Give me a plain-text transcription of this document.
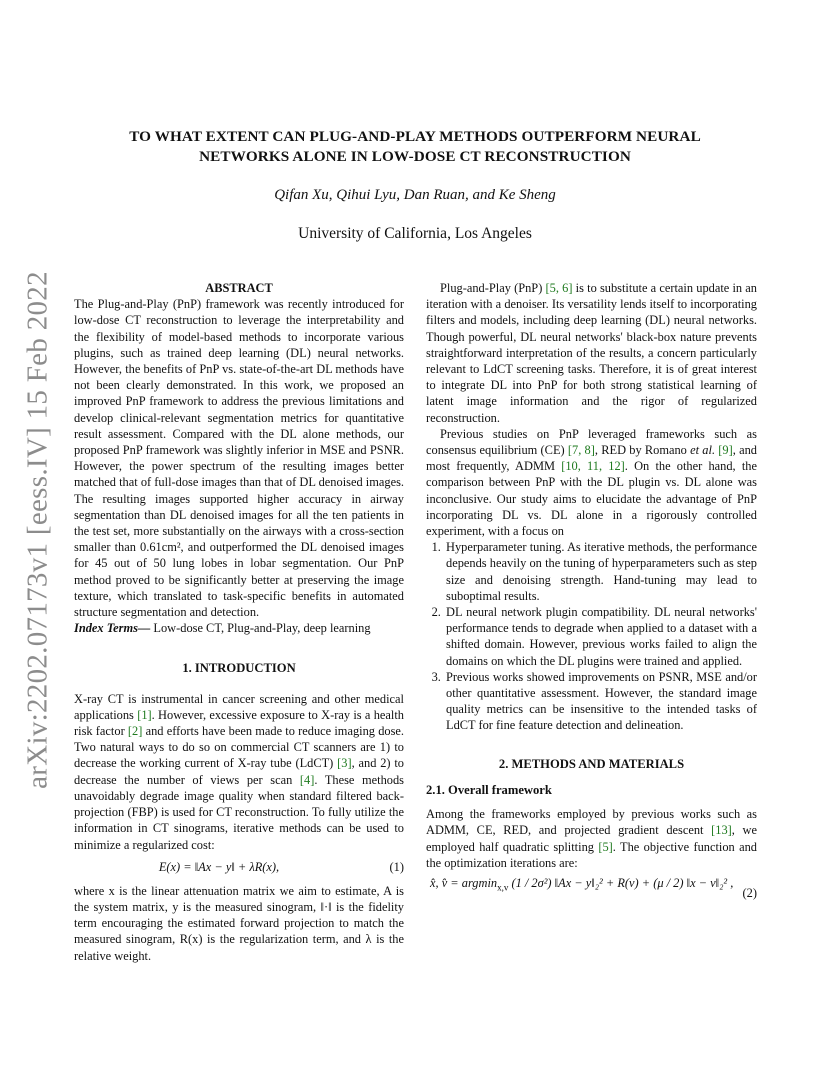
arXiv:2202.07173v1 [eess.IV] 15 Feb 2022
TO WHAT EXTENT CAN PLUG-AND-PLAY METHODS OUTPERFORM NEURAL
NETWORKS ALONE IN LOW-DOSE CT RECONSTRUCTION
Qifan Xu, Qihui Lyu, Dan Ruan, and Ke Sheng
University of California, Los Angeles

ABSTRACT

The Plug-and-Play (PnP) framework was recently introduced for low-dose CT reconstruction to leverage the interpretability and the flexibility of model-based methods to incorporate various plugins, such as trained deep learning (DL) neural networks. However, the benefits of PnP vs. state-of-the-art DL methods have not been clearly demonstrated. In this work, we proposed an improved PnP framework to address the previous limitations and develop clinical-relevant segmentation metrics for quantitative result assessment. Compared with the DL alone methods, our proposed PnP framework was slightly inferior in MSE and PSNR. However, the power spectrum of the resulting images better matched that of full-dose images than that of DL denoised images. The resulting images supported higher accuracy in airway segmentation than DL denoised images for all the ten patients in the test set, more substantially on the airways with a cross-section smaller than 0.61cm², and outperformed the DL denoised images for 45 out of 50 lung lobes in lobar segmentation. Our PnP method proved to be significantly better at preserving the image texture, which translated to task-specific benefits in automated structure segmentation and detection.

Index Terms— Low-dose CT, Plug-and-Play, deep learning

1. INTRODUCTION

X-ray CT is instrumental in cancer screening and other medical applications [1]. However, excessive exposure to X-ray is a health risk factor [2] and efforts have been made to reduce imaging dose. Two natural ways to do so on commercial CT scanners are 1) to decrease the working current of X-ray tube (LdCT) [3], and 2) to decrease the number of views per scan [4]. These methods unavoidably degrade image quality when standard filtered back-projection (FBP) is used for CT reconstruction. To fully utilize the information in CT sinograms, iterative methods can be used to minimize a regularized cost:

E(x) = ‖Ax − y‖ + λR(x),	(1)

where x is the linear attenuation matrix we aim to estimate, A is the system matrix, y is the measured sinogram, ‖·‖ is the fidelity term encouraging the estimated forward projection to match the measured sinogram, R(x) is the regularization term, and λ is the relative weight.

Plug-and-Play (PnP) [5, 6] is to substitute a certain update in an iteration with a denoiser. Its versatility lends itself to incorporating filters and models, including deep learning (DL) neural networks. Though powerful, DL neural networks' black-box nature prevents straightforward interpretation of the results, a concern particularly relevant to LdCT screening tasks. Therefore, it is of great interest to integrate DL into PnP for both strong statistical learning of latent image information and the rigor of regularized reconstruction.

Previous studies on PnP leveraged frameworks such as consensus equilibrium (CE) [7, 8], RED by Romano et al. [9], and most frequently, ADMM [10, 11, 12]. On the other hand, the comparison between PnP with the DL plugin vs. DL alone was inconclusive. Our study aims to elucidate the advantage of PnP incorporating DL vs. DL alone in a rigorously controlled experiment, with a focus on

1. Hyperparameter tuning. As iterative methods, the performance depends heavily on the tuning of hyperparameters such as step size and denoising strength. Hand-tuning may lead to suboptimal results.
2. DL neural network plugin compatibility. DL neural networks' performance tends to degrade when applied to a dataset with a shifted domain. However, previous works failed to align the domains on which the DL plugins were trained and applied.
3. Previous works showed improvements on PSNR, MSE and/or other quantitative assessment. However, the standard image quality metrics can be insensitive to the intended tasks of LdCT for fine feature detection and delineation.

2. METHODS AND MATERIALS

2.1. Overall framework

Among the frameworks employed by previous works such as ADMM, CE, RED, and projected gradient descent [13], we employed half quadratic splitting [5]. The objective function and the optimization iterations are:

x̂, v̂ = argmin$_{x,v}$ (1 / 2σ²) ‖Ax − y‖₂² + R(v) + (μ / 2) ‖x − v‖₂² ,
(2)
